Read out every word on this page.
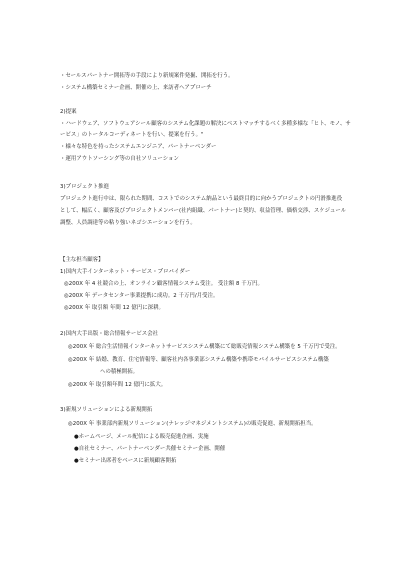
・セールスパートナー開拓等の手段により新規案件発掘、開拓を行う。

・システム構築セミナー企画、開催の上、来訪者へアプローチ

2)提案

・ハードウェア、ソフトウェアシール顧客のシステム化課題の解決にベストマッチするべく多種多様な「ヒト、モノ、サ

ービス」のトータルコーディネートを行い、提案を行う。"

・様々な特色を持ったシステムエンジニア、パートナーベンダー

・運用アウトソーシング等の自社ソリューション

3)プロジェクト推進

プロジェクト進行中は、限られた期間、コストでのシステム納品という最終目的に向かうプロジェクトの円滑推進役

として、幅広く、顧客及びプロジェクトメンバー(社内組織、パートナー)と契約、収益管理、価格交渉、スケジュール

調整、人員調達等の粘り強いネゴシエーションを行う。

【主な担当顧客】

1)国内大手インターネット・サービス・プロバイダー

◎200X 年 4 社競合の上、オンライン顧客情報システム受注。 受注額 8 千万円。

◎200X 年 データセンター事業提携に成功。2 千万円/月受注。

◎200X 年 取引額 年間 12 億円に深耕。

2)国内大手出版・総合情報サービス会社

◎200X 年 総合生活情報インターネットサービスシステム構築にて総販売情報システム構築を 5 千万円で受注。

◎200X 年 結婚、教育、住宅情報等、顧客社内各事業部システム構築や携帯モバイルサービスシステム構築

への積極開拓。

◎200X 年 取引額年間 12 億円に拡大。

3)新規ソリューションによる新規開拓

◎200X 年 事業部内新規ソリューション(ナレッジマネジメントシステム)の販売促進、新規開拓担当。

●ホームページ、メール配信による販売促進企画、実施

●自社セミナー、パートナーベンダー共催セミナー企画、開催

●セミナー出席者をベースに新規顧客開拓
